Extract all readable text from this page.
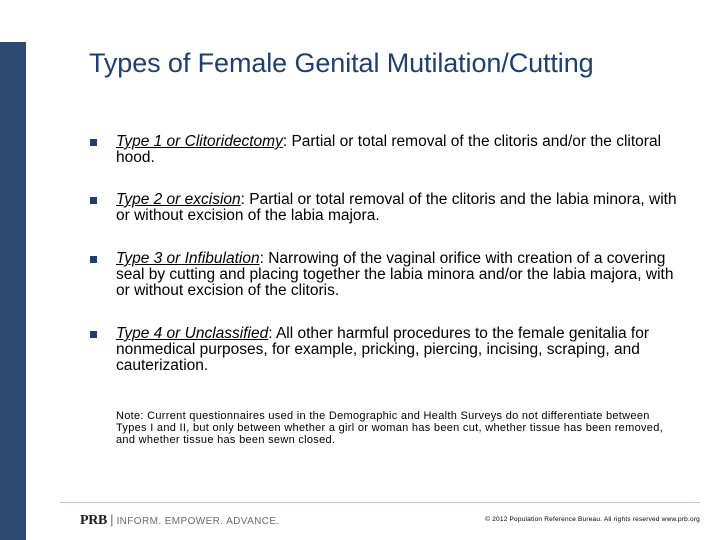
Types of Female Genital Mutilation/Cutting
Type 1 or Clitoridectomy: Partial or total removal of the clitoris and/or the clitoral hood.
Type 2 or excision: Partial or total removal of the clitoris and the labia minora, with or without excision of the labia majora.
Type 3 or Infibulation: Narrowing of the vaginal orifice with creation of a covering seal by cutting and placing together the labia minora and/or the labia majora, with or without excision of the clitoris.
Type 4 or Unclassified: All other harmful procedures to the female genitalia for nonmedical purposes, for example, pricking, piercing, incising, scraping, and cauterization.
Note: Current questionnaires used in the Demographic and Health Surveys do not differentiate between Types I and II, but only between whether a girl or woman has been cut, whether tissue has been removed, and whether tissue has been sewn closed.
PRB | INFORM. EMPOWER. ADVANCE.	© 2012 Population Reference Bureau. All rights reserved www.prb.org
